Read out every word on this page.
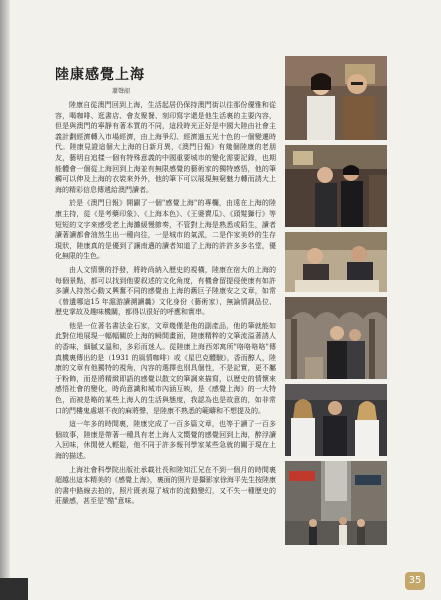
陸康感覺上海
蕭聲韶

陸康自從澳門回到上海，生活起居仍保持澳門街以往那份優雅和從容，喝咖啡、逛書店、會友聚餐、刻印寫字還是他生活裏的主要內容，但是與澳門的寧靜有著本質的不同，這段時光正好是中國大陸由社會主義計劃經濟轉入市場經濟，由上海爭幻、經濟過五光十色的一個變遷時代。陸康見證這個大上海的日新月異，《澳門日報》有幾個陸康的老朋友，藝明自追樣一個有特殊意義的中國重要城市的變化需要記錄，也期能體會一個從上海回到上海並有無限感覺的藝術家的獨特感悟，他的筆觸可以伸及上海的衣裝來外外，他的筆下可以展現無窮魅力轉而誘大上海的精彩信息傳遞給澳門讀者。

於是《澳門日報》開闢了一個"感覺上海"的專欄，由遠在上海的陸康主持，從《是考藥印象》、《上海本色》、《王婆賣瓜》、《頭髮獅行》等短短的文字來感受老上海灘緩慢節奏，不管對上海是熟悉或陌生，讀者讀著讀都會油然生出一種向往，一是城市的氣派，二是作家美妙的生存現狀，陸康真的是優到了讓南邁的讀者知道了上海的許許多多名堂，優化無限的生色。

由人文情懷的抒發，將時尚納入歷史的視橫，陸康在宿大的上海的每個景點，都可以找到他要叙述的文化角度，有機會留提侵使康有如許多讀人持然心動又興奮不同的感覺由上海的舊巨子陸康安之文章，如常《曾遺哪這15 年滬游讀溯讀曩》文化身份（藝術家），無論情調品位、歷史掌故及趣味機關，都得以很好的呼應和實串。

他是一位著名書法金石家，文章幾僅是他的副產品，他的筆就能如此對位地展現一幅幅關於上海的瞬間畫面，陸康精粹的文筆流溢著誘人的香味，細膩又溫和，多彩而迷人。從陸康上海西郊寓所"咯咯咯咯"傳真機裏傳出的是（1931 的風情咖啡）或《星巴克體驗》，香而醇人，陸康的文章有他獨特的視角，內容的選擇也別具個性，不是記實，更不屬于粉飾，而是將精緻即語的感覺以散文的筆調來描寫，以歷史的情懷來感悟社會的變化，時尚意識和城市內涵互映，是《感覺上海》的一大特色，而被是略的某些上海人的生活與態度，我認為也是故意的，如非常口的門樓鬼處堪不夜的麻將聲，是陸康不熟悉的範疇和不想提及的。

這一年多的時間裏，陸康完成了一百多篇文章，也等于讀了一百多個故事，陸康是帶著一種具有老上海人文嚮覺的感覺回到上海，醉浮讀入回味，休閒使人輕鬆，他不同于許多報刊學家某些急就的關于現在上海的描述。

上海社會科學院出版社承載社長和陸知江兄在不到一個月的時間裏超越出這本精美的《感覺上海》，裏面的照片是攝影家徐海平先生按陸康的書中路線去拍的，照片既表現了城市的流動變幻，又不失一種歷史的莊嚴感，甚至是"酷"意味。

35
